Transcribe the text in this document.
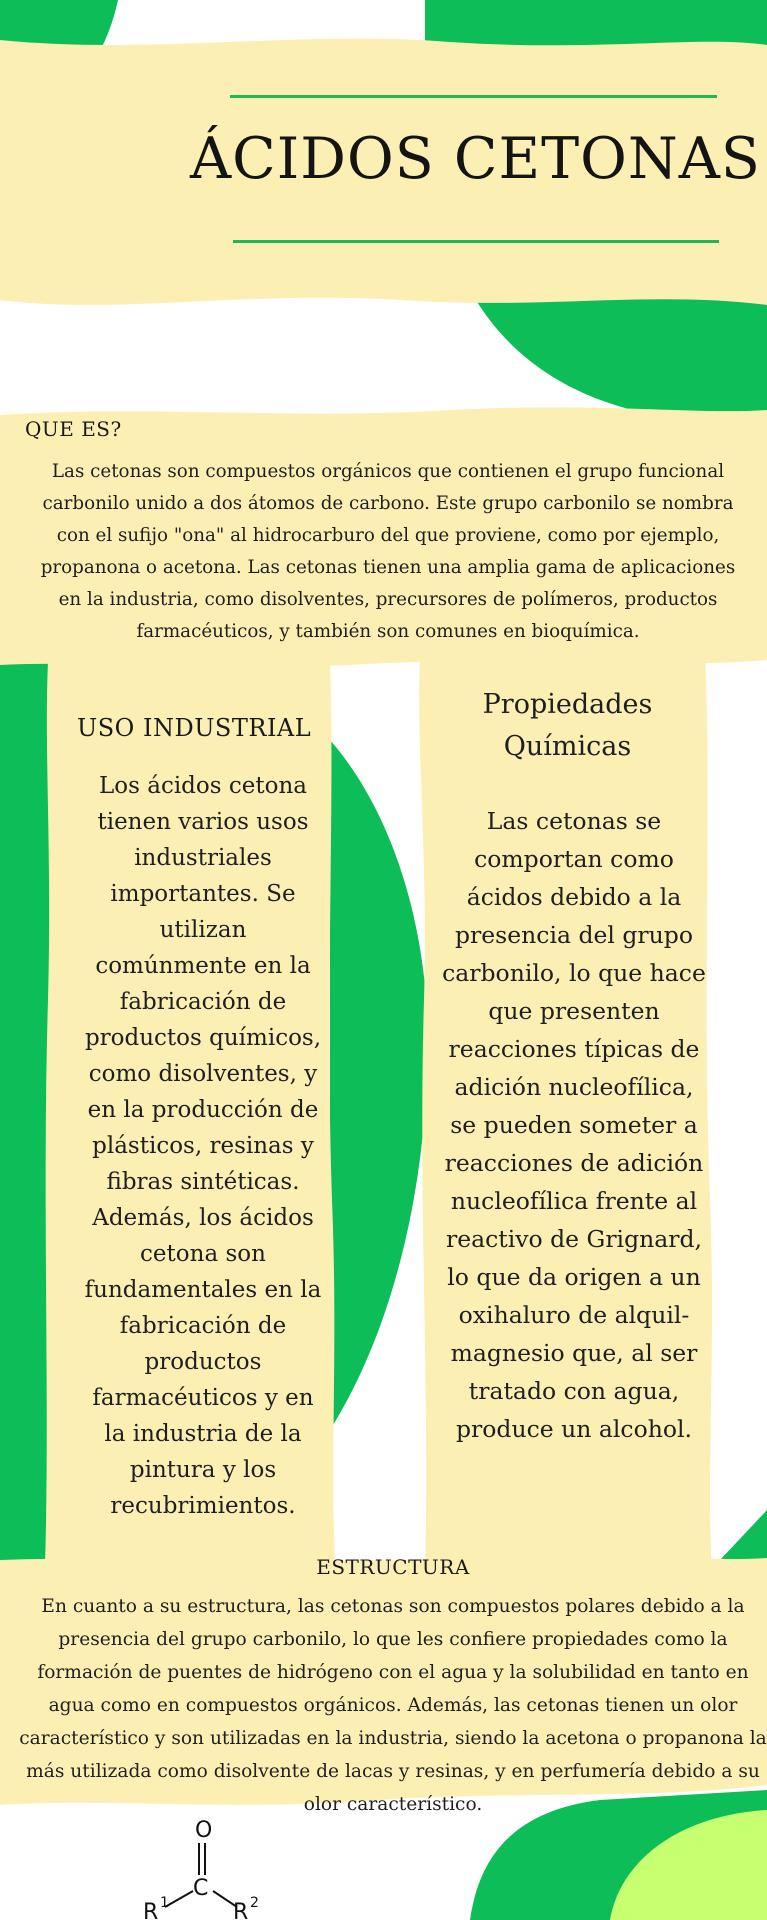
ÁCIDOS CETONAS
QUE ES?
Las cetonas son compuestos orgánicos que contienen el grupo funcional carbonilo unido a dos átomos de carbono. Este grupo carbonilo se nombra con el sufijo "ona" al hidrocarburo del que proviene, como por ejemplo, propanona o acetona. Las cetonas tienen una amplia gama de aplicaciones en la industria, como disolventes, precursores de polímeros, productos farmacéuticos, y también son comunes en bioquímica.
USO INDUSTRIAL
Los ácidos cetona tienen varios usos industriales importantes. Se utilizan comúnmente en la fabricación de productos químicos, como disolventes, y en la producción de plásticos, resinas y fibras sintéticas. Además, los ácidos cetona son fundamentales en la fabricación de productos farmacéuticos y en la industria de la pintura y los recubrimientos.
Propiedades Químicas
Las cetonas se comportan como ácidos debido a la presencia del grupo carbonilo, lo que hace que presenten reacciones típicas de adición nucleofílica, se pueden someter a reacciones de adición nucleofílica frente al reactivo de Grignard, lo que da origen a un oxihaluro de alquil-magnesio que, al ser tratado con agua, produce un alcohol.
ESTRUCTURA
En cuanto a su estructura, las cetonas son compuestos polares debido a la presencia del grupo carbonilo, lo que les confiere propiedades como la formación de puentes de hidrógeno con el agua y la solubilidad en tanto en agua como en compuestos orgánicos. Además, las cetonas tienen un olor característico y son utilizadas en la industria, siendo la acetona o propanona la más utilizada como disolvente de lacas y resinas, y en perfumería debido a su olor característico.
O
C
R 1	R 2
